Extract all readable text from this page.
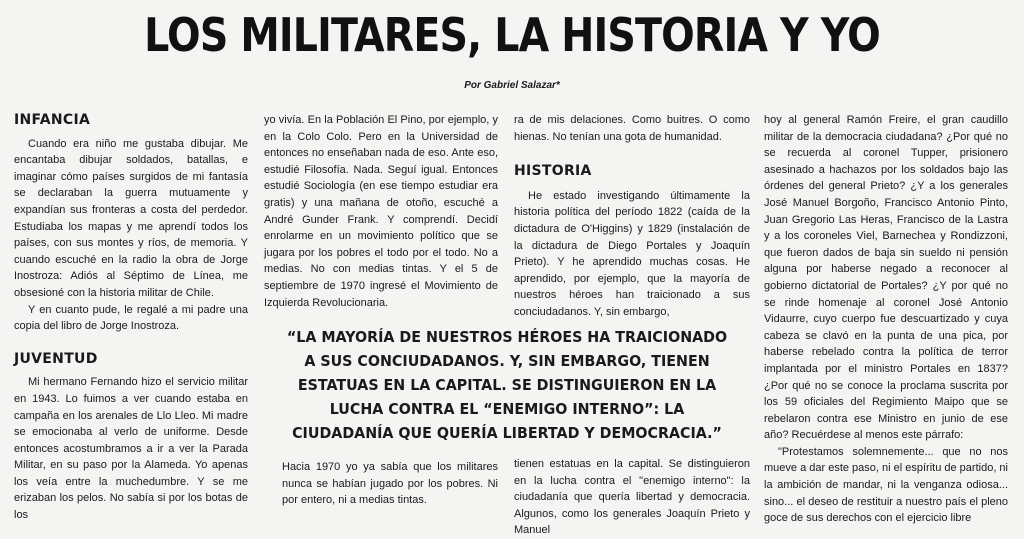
LOS MILITARES, LA HISTORIA Y YO
Por Gabriel Salazar*
INFANCIA

Cuando era niño me gustaba dibujar. Me encantaba dibujar soldados, batallas, e imaginar cómo países surgidos de mi fantasía se declaraban la guerra mutuamente y expandían sus fronteras a costa del perdedor. Estudiaba los mapas y me aprendí todos los países, con sus montes y ríos, de memoria. Y cuando escuché en la radio la obra de Jorge Inostroza: Adiós al Séptimo de Línea, me obsesioné con la historia militar de Chile.

Y en cuanto pude, le regalé a mi padre una copia del libro de Jorge Inostroza.

JUVENTUD

Mi hermano Fernando hizo el servicio militar en 1943. Lo fuimos a ver cuando estaba en campaña en los arenales de Llo Lleo. Mi madre se emocionaba al verlo de uniforme. Desde entonces acostumbramos a ir a ver la Parada Militar, en su paso por la Alameda. Yo apenas los veía entre la muchedumbre. Y se me erizaban los pelos. No sabía si por los botas de los

yo vivía. En la Población El Pino, por ejemplo, y en la Colo Colo. Pero en la Universidad de entonces no enseñaban nada de eso. Ante eso, estudié Filosofía. Nada. Seguí igual. Entonces estudié Sociología (en ese tiempo estudiar era gratis) y una mañana de otoño, escuché a André Gunder Frank. Y comprendí. Decidí enrolarme en un movimiento político que se jugara por los pobres el todo por el todo. No a medias. No con medias tintas. Y el 5 de septiembre de 1970 ingresé el Movimiento de Izquierda Revolucionaria.

Hacia 1970 yo ya sabía que los militares nunca se habían jugado por los pobres. Ni por entero, ni a medias tintas.

ra de mis delaciones. Como buitres. O como hienas. No tenían una gota de humanidad.

HISTORIA

He estado investigando últimamente la historia política del período 1822 (caída de la dictadura de O'Higgins) y 1829 (instalación de la dictadura de Diego Portales y Joaquín Prieto). Y he aprendido muchas cosas. He aprendido, por ejemplo, que la mayoría de nuestros héroes han traicionado a sus conciudadanos. Y, sin embargo,

tienen estatuas en la capital. Se distinguieron en la lucha contra el "enemigo interno": la ciudadanía que quería libertad y democracia. Algunos, como los generales Joaquín Prieto y Manuel

hoy al general Ramón Freire, el gran caudillo militar de la democracia ciudadana? ¿Por qué no se recuerda al coronel Tupper, prisionero asesinado a hachazos por los soldados bajo las órdenes del general Prieto? ¿Y a los generales José Manuel Borgoño, Francisco Antonio Pinto, Juan Gregorio Las Heras, Francisco de la Lastra y a los coroneles Viel, Barnechea y Rondizzoni, que fueron dados de baja sin sueldo ni pensión alguna por haberse negado a reconocer al gobierno dictatorial de Portales? ¿Y por qué no se rinde homenaje al coronel José Antonio Vidaurre, cuyo cuerpo fue descuartizado y cuya cabeza se clavó en la punta de una pica, por haberse rebelado contra la política de terror implantada por el ministro Portales en 1837? ¿Por qué no se conoce la proclama suscrita por los 59 oficiales del Regimiento Maipo que se rebelaron contra ese Ministro en junio de ese año? Recuérdese al menos este párrafo:

"Protestamos solemnemente... que no nos mueve a dar este paso, ni el espíritu de partido, ni la ambición de mandar, ni la venganza odiosa... sino... el deseo de restituir a nuestro país el pleno goce de sus derechos con el ejercicio libre

“LA MAYORÍA DE NUESTROS HÉROES HA TRAICIONADO A SUS CONCIUDADANOS. Y, SIN EMBARGO, TIENEN ESTATUAS EN LA CAPITAL. SE DISTINGUIERON EN LA LUCHA CONTRA EL “ENEMIGO INTERNO”: LA CIUDADANÍA QUE QUERÍA LIBERTAD Y DEMOCRACIA.”
